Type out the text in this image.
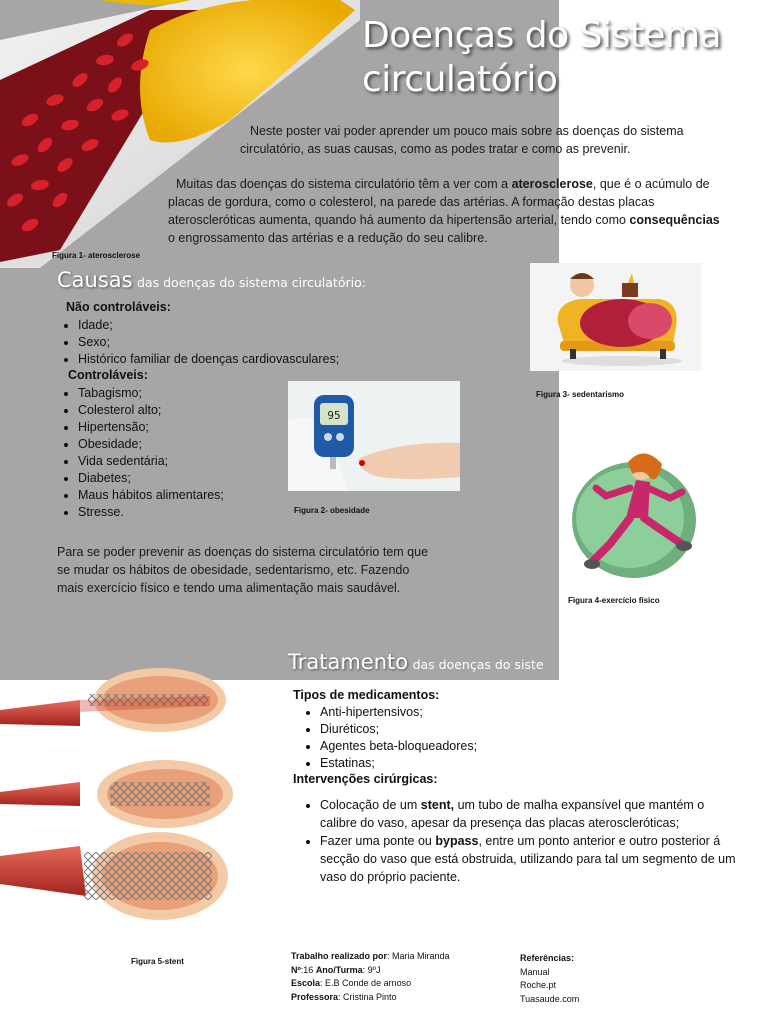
Doenças do Sistema circulatório

Neste poster vai poder aprender um pouco mais sobre as doenças do sistema circulatório, as suas causas, como as podes tratar e como as prevenir.

Muitas das doenças do sistema circulatório têm a ver com a aterosclerose, que é o acúmulo de placas de gordura, como o colesterol, na parede das artérias. A formação destas placas ateroscleróticas aumenta, quando há aumento da hipertensão arterial, tendo como consequências o engrossamento das artérias e a redução do seu calibre.

Figura 1- aterosclerose
Causas das doenças do sistema circulatório:
Não controláveis:
• Idade;
• Sexo;
• Histórico familiar de doenças cardiovasculares;
Controláveis:
• Tabagismo;
• Colesterol alto;
• Hipertensão;
• Obesidade;
• Vida sedentária;
• Diabetes;
• Maus hábitos alimentares;
• Stresse.
95
Figura 2- obesidade
Figura 3- sedentarismo
Figura 4-exercício físico

Para se poder prevenir as doenças do sistema circulatório tem que se mudar os hábitos de obesidade, sedentarismo, etc. Fazendo mais exercício físico e tendo uma alimentação mais saudável.

Tratamento das doenças do siste
Tipos de medicamentos:
• Anti-hipertensivos;
• Diuréticos;
• Agentes beta-bloqueadores;
• Estatinas;
Intervenções cirúrgicas:
• Colocação de um stent, um tubo de malha expansível que mantém o calibre do vaso, apesar da presença das placas ateroscleróticas;
• Fazer uma ponte ou bypass, entre um ponto anterior e outro posterior á secção do vaso que está obstruida, utilizando para tal um segmento de um vaso do próprio paciente.
Figura 5-stent
Trabalho realizado por: Maria Miranda
Nº:16 Ano/Turma: 9ºJ
Escola: E.B Conde de arnoso
Professora: Cristina Pinto
Referências:
Manual
Roche.pt
Tuasaude.com
